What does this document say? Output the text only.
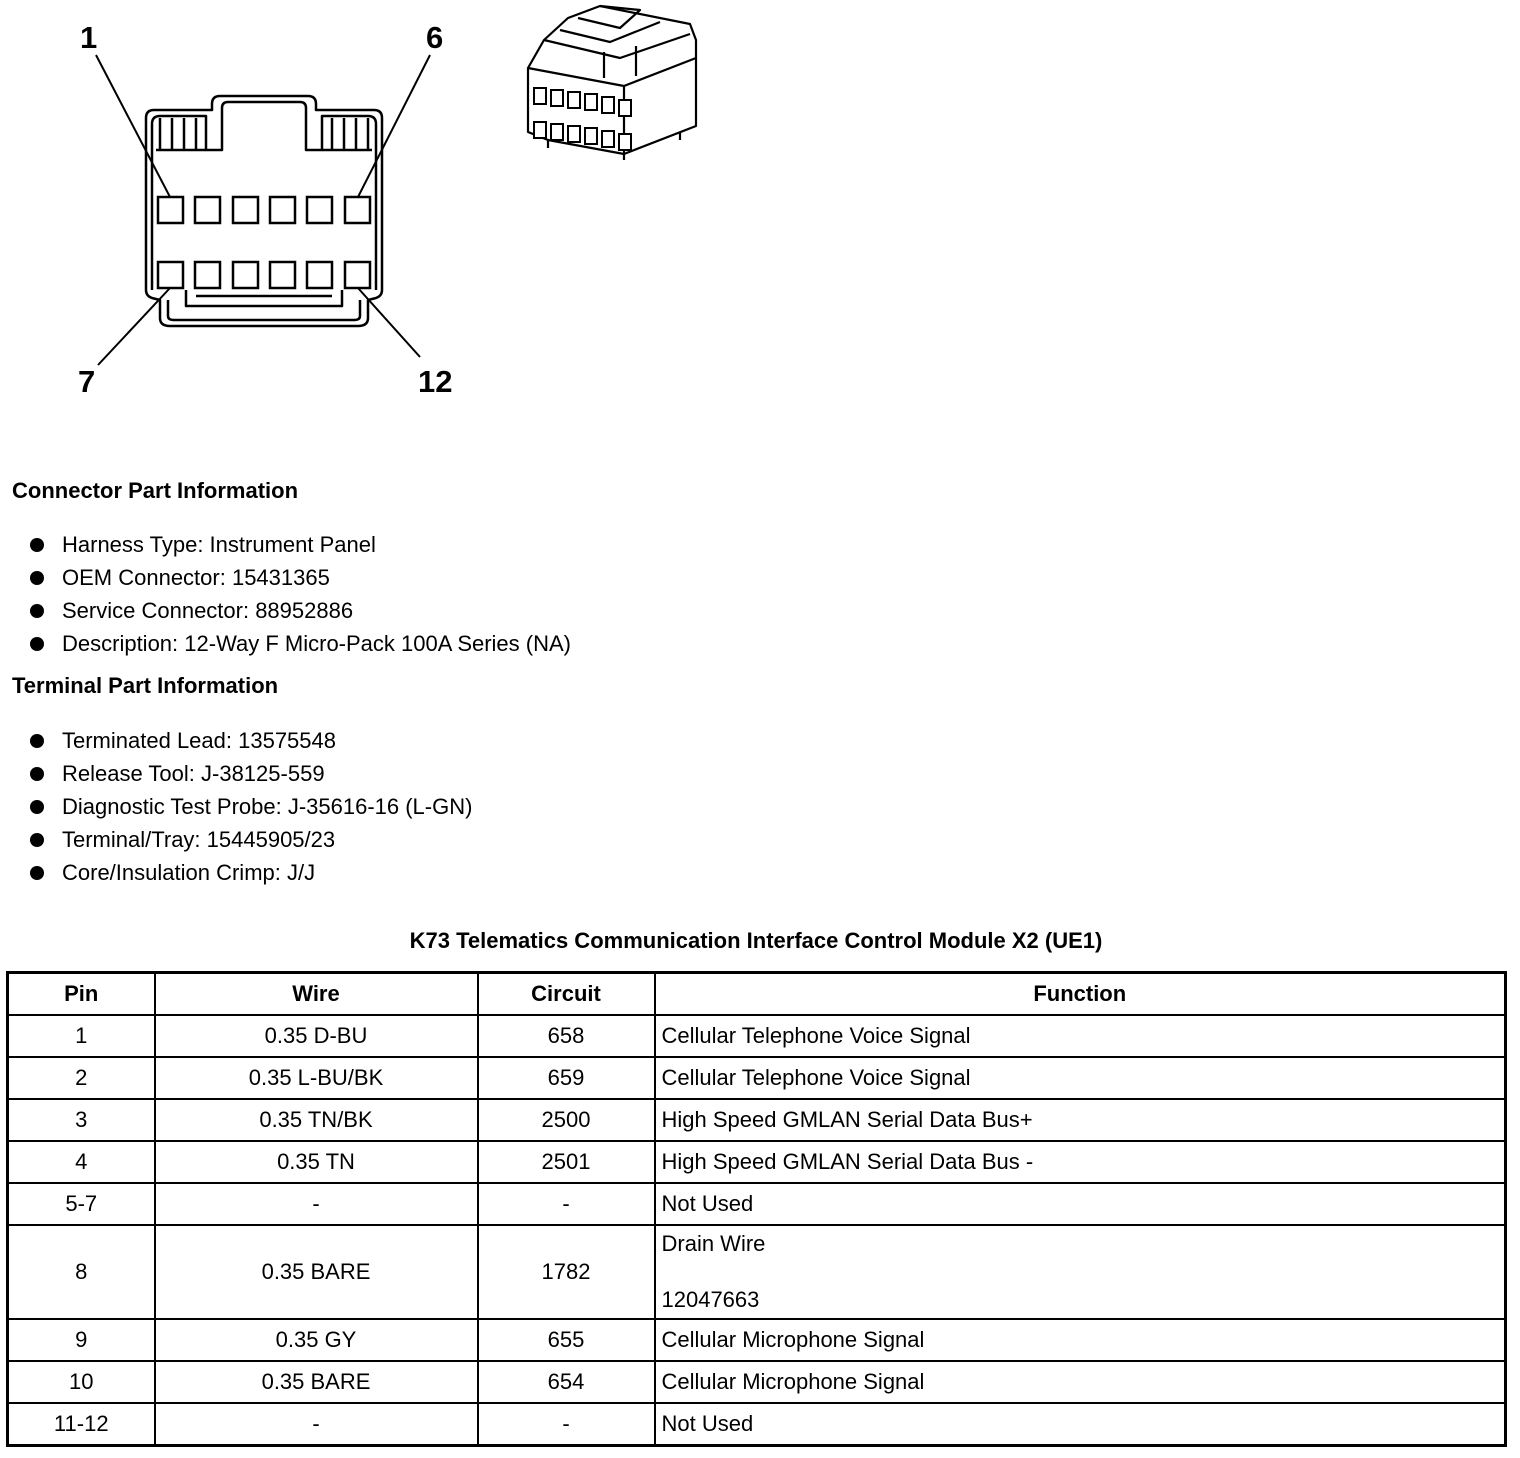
1	6
7	12
Connector Part Information
Harness Type: Instrument Panel
OEM Connector: 15431365
Service Connector: 88952886
Description: 12-Way F Micro-Pack 100A Series (NA)
Terminal Part Information
Terminated Lead: 13575548
Release Tool: J-38125-559
Diagnostic Test Probe: J-35616-16 (L-GN)
Terminal/Tray: 15445905/23
Core/Insulation Crimp: J/J
K73 Telematics Communication Interface Control Module X2 (UE1)
Pin	Wire	Circuit	Function
1	0.35 D-BU	658	Cellular Telephone Voice Signal
2	0.35 L-BU/BK	659	Cellular Telephone Voice Signal
3	0.35 TN/BK	2500	High Speed GMLAN Serial Data Bus+
4	0.35 TN	2501	High Speed GMLAN Serial Data Bus -
5-7	-	-	Not Used
8	0.35 BARE	1782	Drain Wire
12047663

9	0.35 GY	655	Cellular Microphone Signal
10	0.35 BARE	654	Cellular Microphone Signal
11-12	-	-	Not Used
